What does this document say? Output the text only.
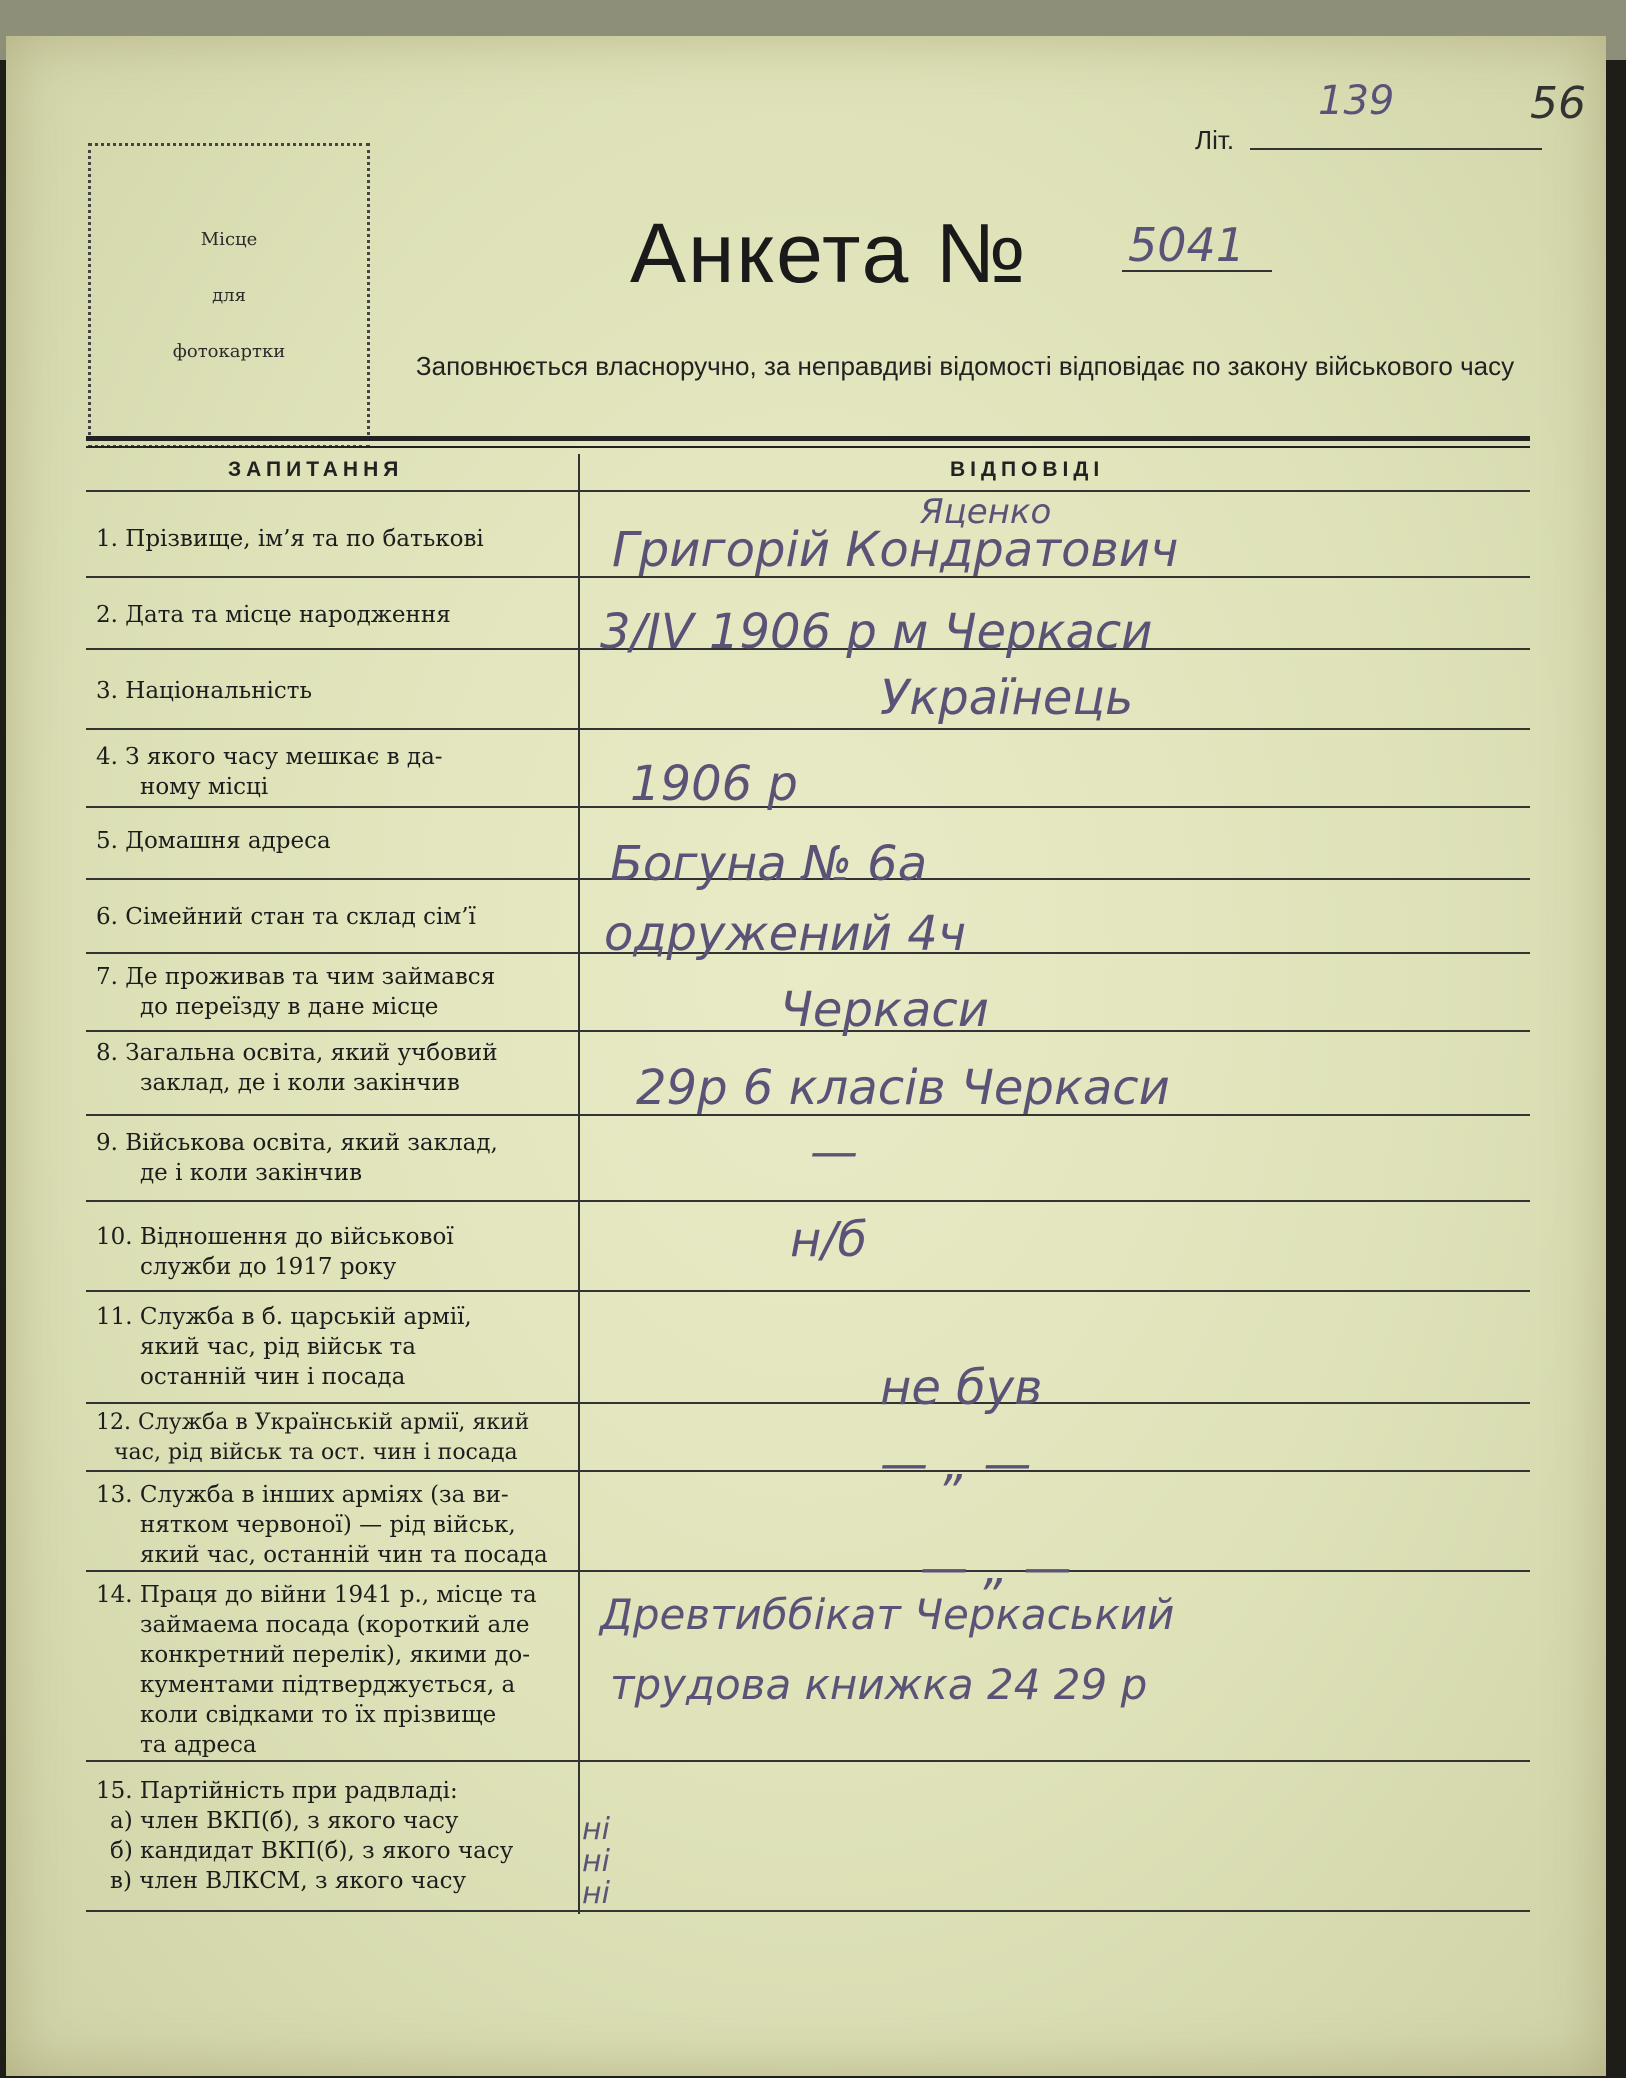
Місце
для
фотокартки
Літ.
139	56
Анкета № 5041
Заповнюється власноручно, за неправдиві відомості відповідає по закону військового часу
ЗАПИТАННЯ	ВІДПОВІДІ
1. Прізвище, ім’я та по батькові
2. Дата та місце народження
3. Національність
4. З якого часу мешкає в да-
ному місці
5. Домашня адреса
6. Сімейний стан та склад сім’ї
7. Де проживав та чим займався
до переїзду в дане місце
8. Загальна освіта, який учбовий
заклад, де і коли закінчив
9. Військова освіта, який заклад,
де і коли закінчив
10. Відношення до військової
служби до 1917 року
11. Служба в б. царській армії,
який час, рід військ та
останній чин і посада
12. Служба в Українській армії, який
час, рід військ та ост. чин і посада
13. Служба в інших арміях (за ви-
нятком червоної) — рід військ,
який час, останній чин та посада
14. Праця до війни 1941 р., місце та
займаема посада (короткий але
конкретний перелік), якими до-
кументами підтверджується, а
коли свідками то їх прізвище
та адреса
15. Партійність при радвладі:
а) член ВКП(б), з якого часу
б) кандидат ВКП(б), з якого часу
в) член ВЛКСМ, з якого часу
Яценко
Григорій Кондратович
3/IV 1906 р м Черкаси
Українець
1906 р
Богуна № 6а
одружений 4ч
Черкаси
29р 6 класів Черкаси
—
н/б
не був
— „ —
— „ —
Древтиббікат Черкаський
трудова книжка 24 29 р
ні
ні
ні
